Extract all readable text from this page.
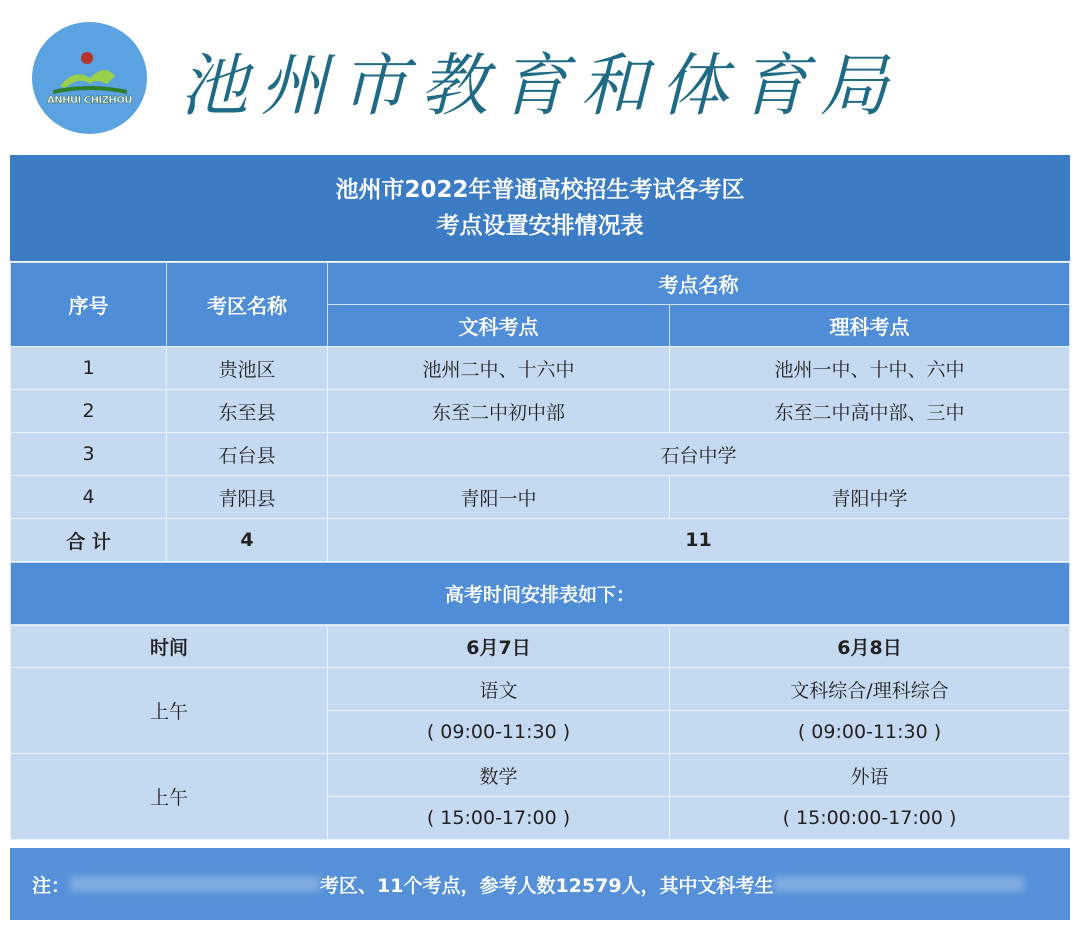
ANHUI CHIZHOU 池州市教育和体育局
池州市2022年普通高校招生考试各考区
考点设置安排情况表
序号	考区名称
考点名称
文科考点	理科考点
1	贵池区	池州二中、十六中	池州一中、十中、六中
2	东至县	东至二中初中部	东至二中高中部、三中
3	石台县	石台中学
4	青阳县	青阳一中	青阳中学
合 计	4	11
高考时间安排表如下：
时间	6月7日	6月8日
上午
语文	文科综合/理科综合
( 09:00-11:30 )	( 09:00-11:30 )
上午
数学	外语
( 15:00-17:00 )	( 15:00:00-17:00 )
注：	考区、11个考点，参考人数12579人，其中文科考生
